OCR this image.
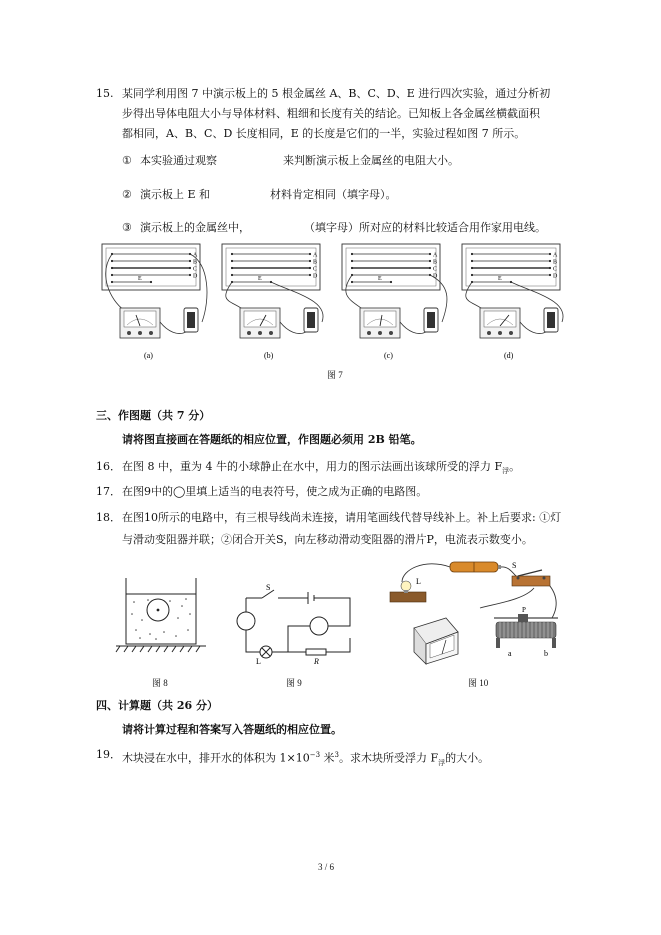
15. 某同学利用图 7 中演示板上的 5 根金属丝 A、B、C、D、E 进行四次实验，通过分析初
步得出导体电阻大小与导体材料、粗细和长度有关的结论。已知板上各金属丝横截面积
都相同，A、B、C、D 长度相同，E 的长度是它们的一半，实验过程如图 7 所示。
① 本实验通过观察	来判断演示板上金属丝的电阻大小。
② 演示板上 E 和	材料肯定相同（填字母）。
③ 演示板上的金属丝中，	（填字母）所对应的材料比较适合用作家用电线。
A
B
C
D
E
(a)
A
B
C
D
E
(b)
A
B
C
D
E
(c)
A
B
C
D
E
(d)
图 7
三、作图题（共 7 分）
请将图直接画在答题纸的相应位置，作图题必须用 2B 铅笔。
16． 在图 8 中，重为 4 牛的小球静止在水中，用力的图示法画出该球所受的浮力 $F_浮$。
17． 在图9中的◯里填上适当的电表符号，使之成为正确的电路图。
18． 在图10所示的电路中，有三根导线尚未连接，请用笔画线代替导线补上。补上后要求: ①灯
与滑动变阻器并联；②闭合开关S，向左移动滑动变阻器的滑片P，电流表示数变小。
图 8
S
L	R
图 9
L
S
a	b
P
图 10
四、计算题（共 26 分）
请将计算过程和答案写入答题纸的相应位置。
19． 木块浸在水中，排开水的体积为 $1\times 10^{-3}$ 米$^3$。求木块所受浮力 $F_浮$的大小。
3 / 6
